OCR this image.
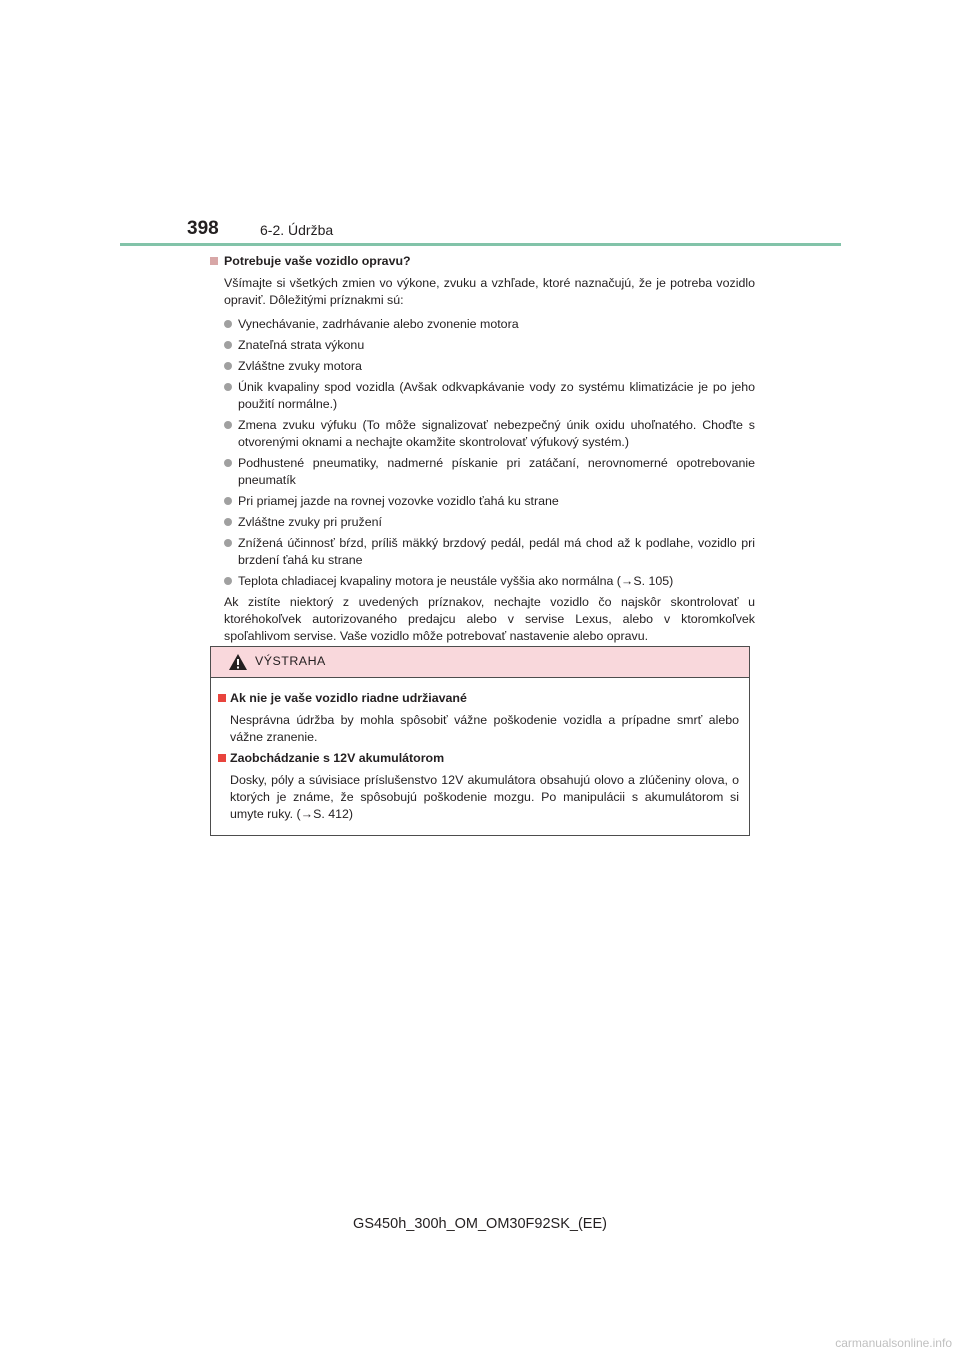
398	6-2. Údržba
Potrebuje vaše vozidlo opravu?
Všímajte si všetkých zmien vo výkone, zvuku a vzhľade, ktoré naznačujú, že je potreba vozidlo opraviť. Dôležitými príznakmi sú:
Vynechávanie, zadrhávanie alebo zvonenie motora
Znateľná strata výkonu
Zvláštne zvuky motora
Únik kvapaliny spod vozidla (Avšak odkvapkávanie vody zo systému klimatizácie je po jeho použití normálne.)
Zmena zvuku výfuku (To môže signalizovať nebezpečný únik oxidu uhoľnatého. Choďte s otvorenými oknami a nechajte okamžite skontrolovať výfukový systém.)
Podhustené pneumatiky, nadmerné pískanie pri zatáčaní, nerovnomerné opotrebovanie pneumatík
Pri priamej jazde na rovnej vozovke vozidlo ťahá ku strane
Zvláštne zvuky pri pružení
Znížená účinnosť bŕzd, príliš mäkký brzdový pedál, pedál má chod až k podlahe, vozidlo pri brzdení ťahá ku strane
Teplota chladiacej kvapaliny motora je neustále vyššia ako normálna (→S. 105)
Ak zistíte niektorý z uvedených príznakov, nechajte vozidlo čo najskôr skontrolovať u ktoréhokoľvek autorizovaného predajcu alebo v servise Lexus, alebo v ktoromkoľvek spoľahlivom servise. Vaše vozidlo môže potrebovať nastavenie alebo opravu.
VÝSTRAHA
Ak nie je vaše vozidlo riadne udržiavané
Nesprávna údržba by mohla spôsobiť vážne poškodenie vozidla a prípadne smrť alebo vážne zranenie.
Zaobchádzanie s 12V akumulátorom
Dosky, póly a súvisiace príslušenstvo 12V akumulátora obsahujú olovo a zlúčeniny olova, o ktorých je známe, že spôsobujú poškodenie mozgu. Po manipulácii s akumulátorom si umyte ruky. (→S. 412)
GS450h_300h_OM_OM30F92SK_(EE)
carmanualsonline.info
